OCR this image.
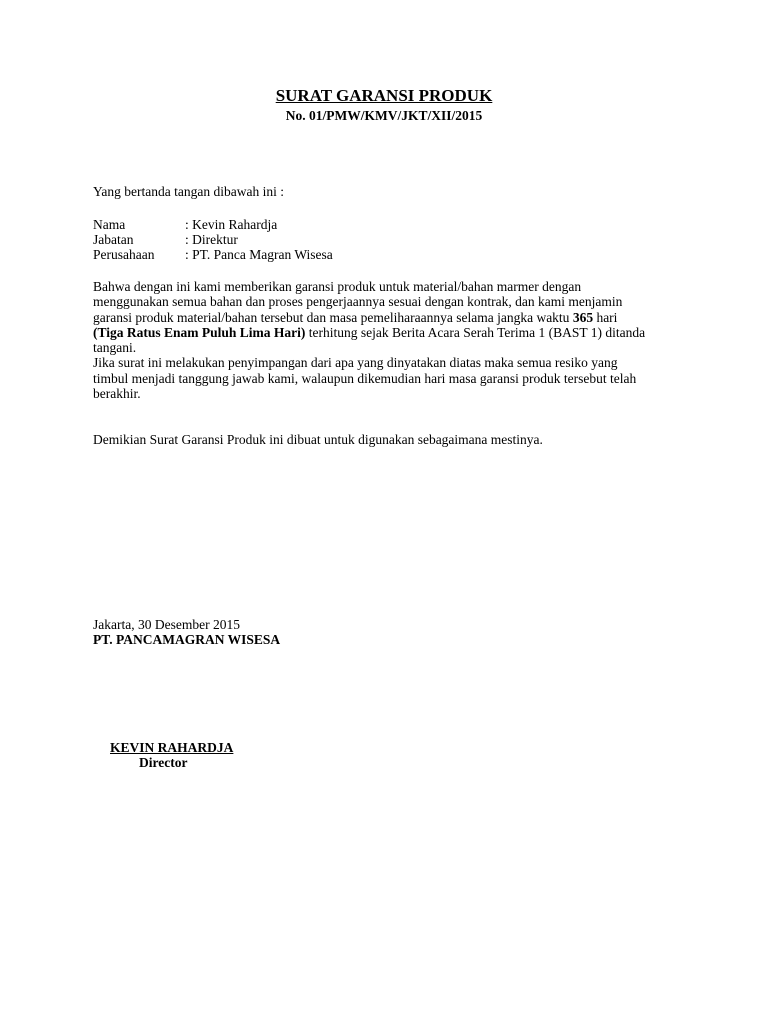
SURAT GARANSI PRODUK
No. 01/PMW/KMV/JKT/XII/2015
Yang bertanda tangan dibawah ini :
Nama	: Kevin Rahardja
Jabatan	: Direktur
Perusahaan	: PT. Panca Magran Wisesa
Bahwa dengan ini kami memberikan garansi produk untuk material/bahan marmer dengan
menggunakan semua bahan dan proses pengerjaannya sesuai dengan kontrak, dan kami menjamin
garansi produk material/bahan tersebut dan masa pemeliharaannya selama jangka waktu 365 hari
(Tiga Ratus Enam Puluh Lima Hari) terhitung sejak Berita Acara Serah Terima 1 (BAST 1) ditanda
tangani.
Jika surat ini melakukan penyimpangan dari apa yang dinyatakan diatas maka semua resiko yang
timbul menjadi tanggung jawab kami, walaupun dikemudian hari masa garansi produk tersebut telah
berakhir.
Demikian Surat Garansi Produk ini dibuat untuk digunakan sebagaimana mestinya.
Jakarta, 30 Desember 2015
PT. PANCAMAGRAN WISESA
KEVIN RAHARDJA
Director
